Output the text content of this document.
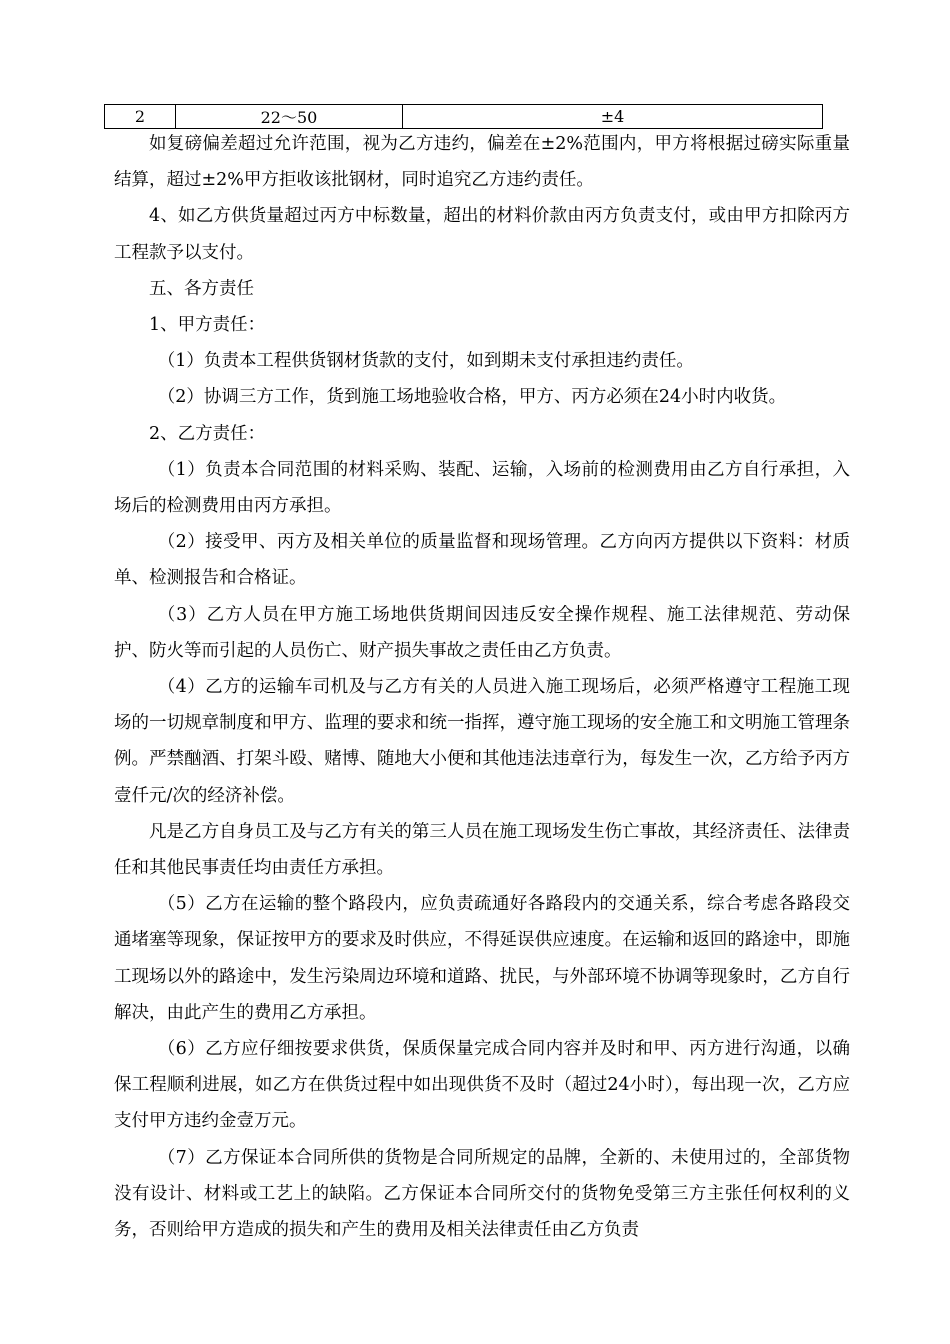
2	22～50	±4

如复磅偏差超过允许范围，视为乙方违约，偏差在±2%范围内，甲方将根据过磅实际重量结算，超过±2%甲方拒收该批钢材，同时追究乙方违约责任。

4、如乙方供货量超过丙方中标数量，超出的材料价款由丙方负责支付，或由甲方扣除丙方工程款予以支付。

五、各方责任

1、甲方责任：

（1）负责本工程供货钢材货款的支付，如到期未支付承担违约责任。

（2）协调三方工作，货到施工场地验收合格，甲方、丙方必须在24小时内收货。

2、乙方责任：

（1）负责本合同范围的材料采购、装配、运输，入场前的检测费用由乙方自行承担，入场后的检测费用由丙方承担。

（2）接受甲、丙方及相关单位的质量监督和现场管理。乙方向丙方提供以下资料：材质单、检测报告和合格证。

（3）乙方人员在甲方施工场地供货期间因违反安全操作规程、施工法律规范、劳动保护、防火等而引起的人员伤亡、财产损失事故之责任由乙方负责。

（4）乙方的运输车司机及与乙方有关的人员进入施工现场后，必须严格遵守工程施工现场的一切规章制度和甲方、监理的要求和统一指挥，遵守施工现场的安全施工和文明施工管理条例。严禁酗酒、打架斗殴、赌博、随地大小便和其他违法违章行为，每发生一次，乙方给予丙方壹仟元/次的经济补偿。

凡是乙方自身员工及与乙方有关的第三人员在施工现场发生伤亡事故，其经济责任、法律责任和其他民事责任均由责任方承担。

（5）乙方在运输的整个路段内，应负责疏通好各路段内的交通关系，综合考虑各路段交通堵塞等现象，保证按甲方的要求及时供应，不得延误供应速度。在运输和返回的路途中，即施工现场以外的路途中，发生污染周边环境和道路、扰民，与外部环境不协调等现象时，乙方自行解决，由此产生的费用乙方承担。

（6）乙方应仔细按要求供货，保质保量完成合同内容并及时和甲、丙方进行沟通，以确保工程顺利进展，如乙方在供货过程中如出现供货不及时（超过24小时），每出现一次，乙方应支付甲方违约金壹万元。

（7）乙方保证本合同所供的货物是合同所规定的品牌，全新的、未使用过的，全部货物没有设计、材料或工艺上的缺陷。乙方保证本合同所交付的货物免受第三方主张任何权利的义务，否则给甲方造成的损失和产生的费用及相关法律责任由乙方负责
